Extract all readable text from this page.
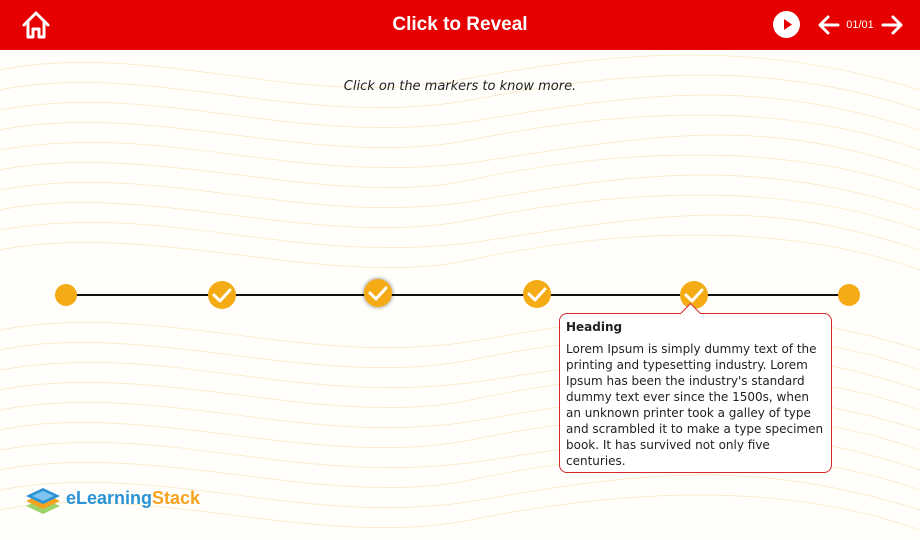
Click to Reveal	01/01
Click on the markers to know more.

Heading

Lorem Ipsum is simply dummy text of the printing and typesetting industry. Lorem Ipsum has been the industry's standard dummy text ever since the 1500s, when an unknown printer took a galley of type and scrambled it to make a type specimen book. It has survived not only five centuries.

eLearningStack
